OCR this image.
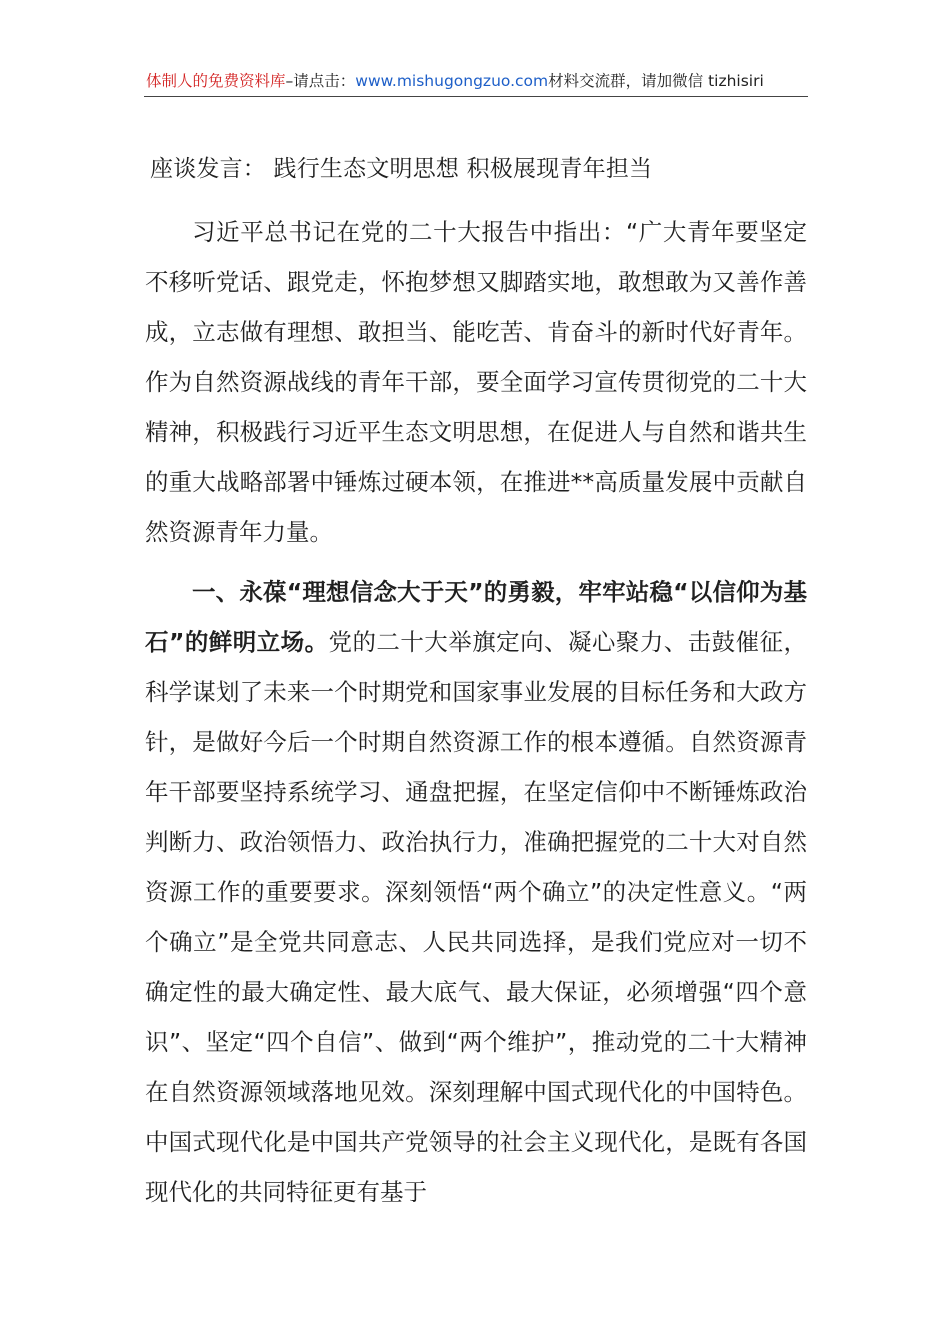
体制人的免费资料库–请点击：www.mishugongzuo.com材料交流群，请加微信 tizhisiri
座谈发言： 践行生态文明思想 积极展现青年担当

习近平总书记在党的二十大报告中指出：“广大青年要坚定不移听党话、跟党走，怀抱梦想又脚踏实地，敢想敢为又善作善成，立志做有理想、敢担当、能吃苦、肯奋斗的新时代好青年。作为自然资源战线的青年干部，要全面学习宣传贯彻党的二十大精神，积极践行习近平生态文明思想，在促进人与自然和谐共生的重大战略部署中锤炼过硬本领，在推进**高质量发展中贡献自然资源青年力量。

一、永葆“理想信念大于天”的勇毅，牢牢站稳“以信仰为基石”的鲜明立场。党的二十大举旗定向、凝心聚力、击鼓催征，科学谋划了未来一个时期党和国家事业发展的目标任务和大政方针，是做好今后一个时期自然资源工作的根本遵循。自然资源青年干部要坚持系统学习、通盘把握，在坚定信仰中不断锤炼政治判断力、政治领悟力、政治执行力，准确把握党的二十大对自然资源工作的重要要求。深刻领悟“两个确立”的决定性意义。“两个确立”是全党共同意志、人民共同选择，是我们党应对一切不确定性的最大确定性、最大底气、最大保证，必须增强“四个意识”、坚定“四个自信”、做到“两个维护”，推动党的二十大精神在自然资源领域落地见效。深刻理解中国式现代化的中国特色。中国式现代化是中国共产党领导的社会主义现代化，是既有各国现代化的共同特征更有基于
